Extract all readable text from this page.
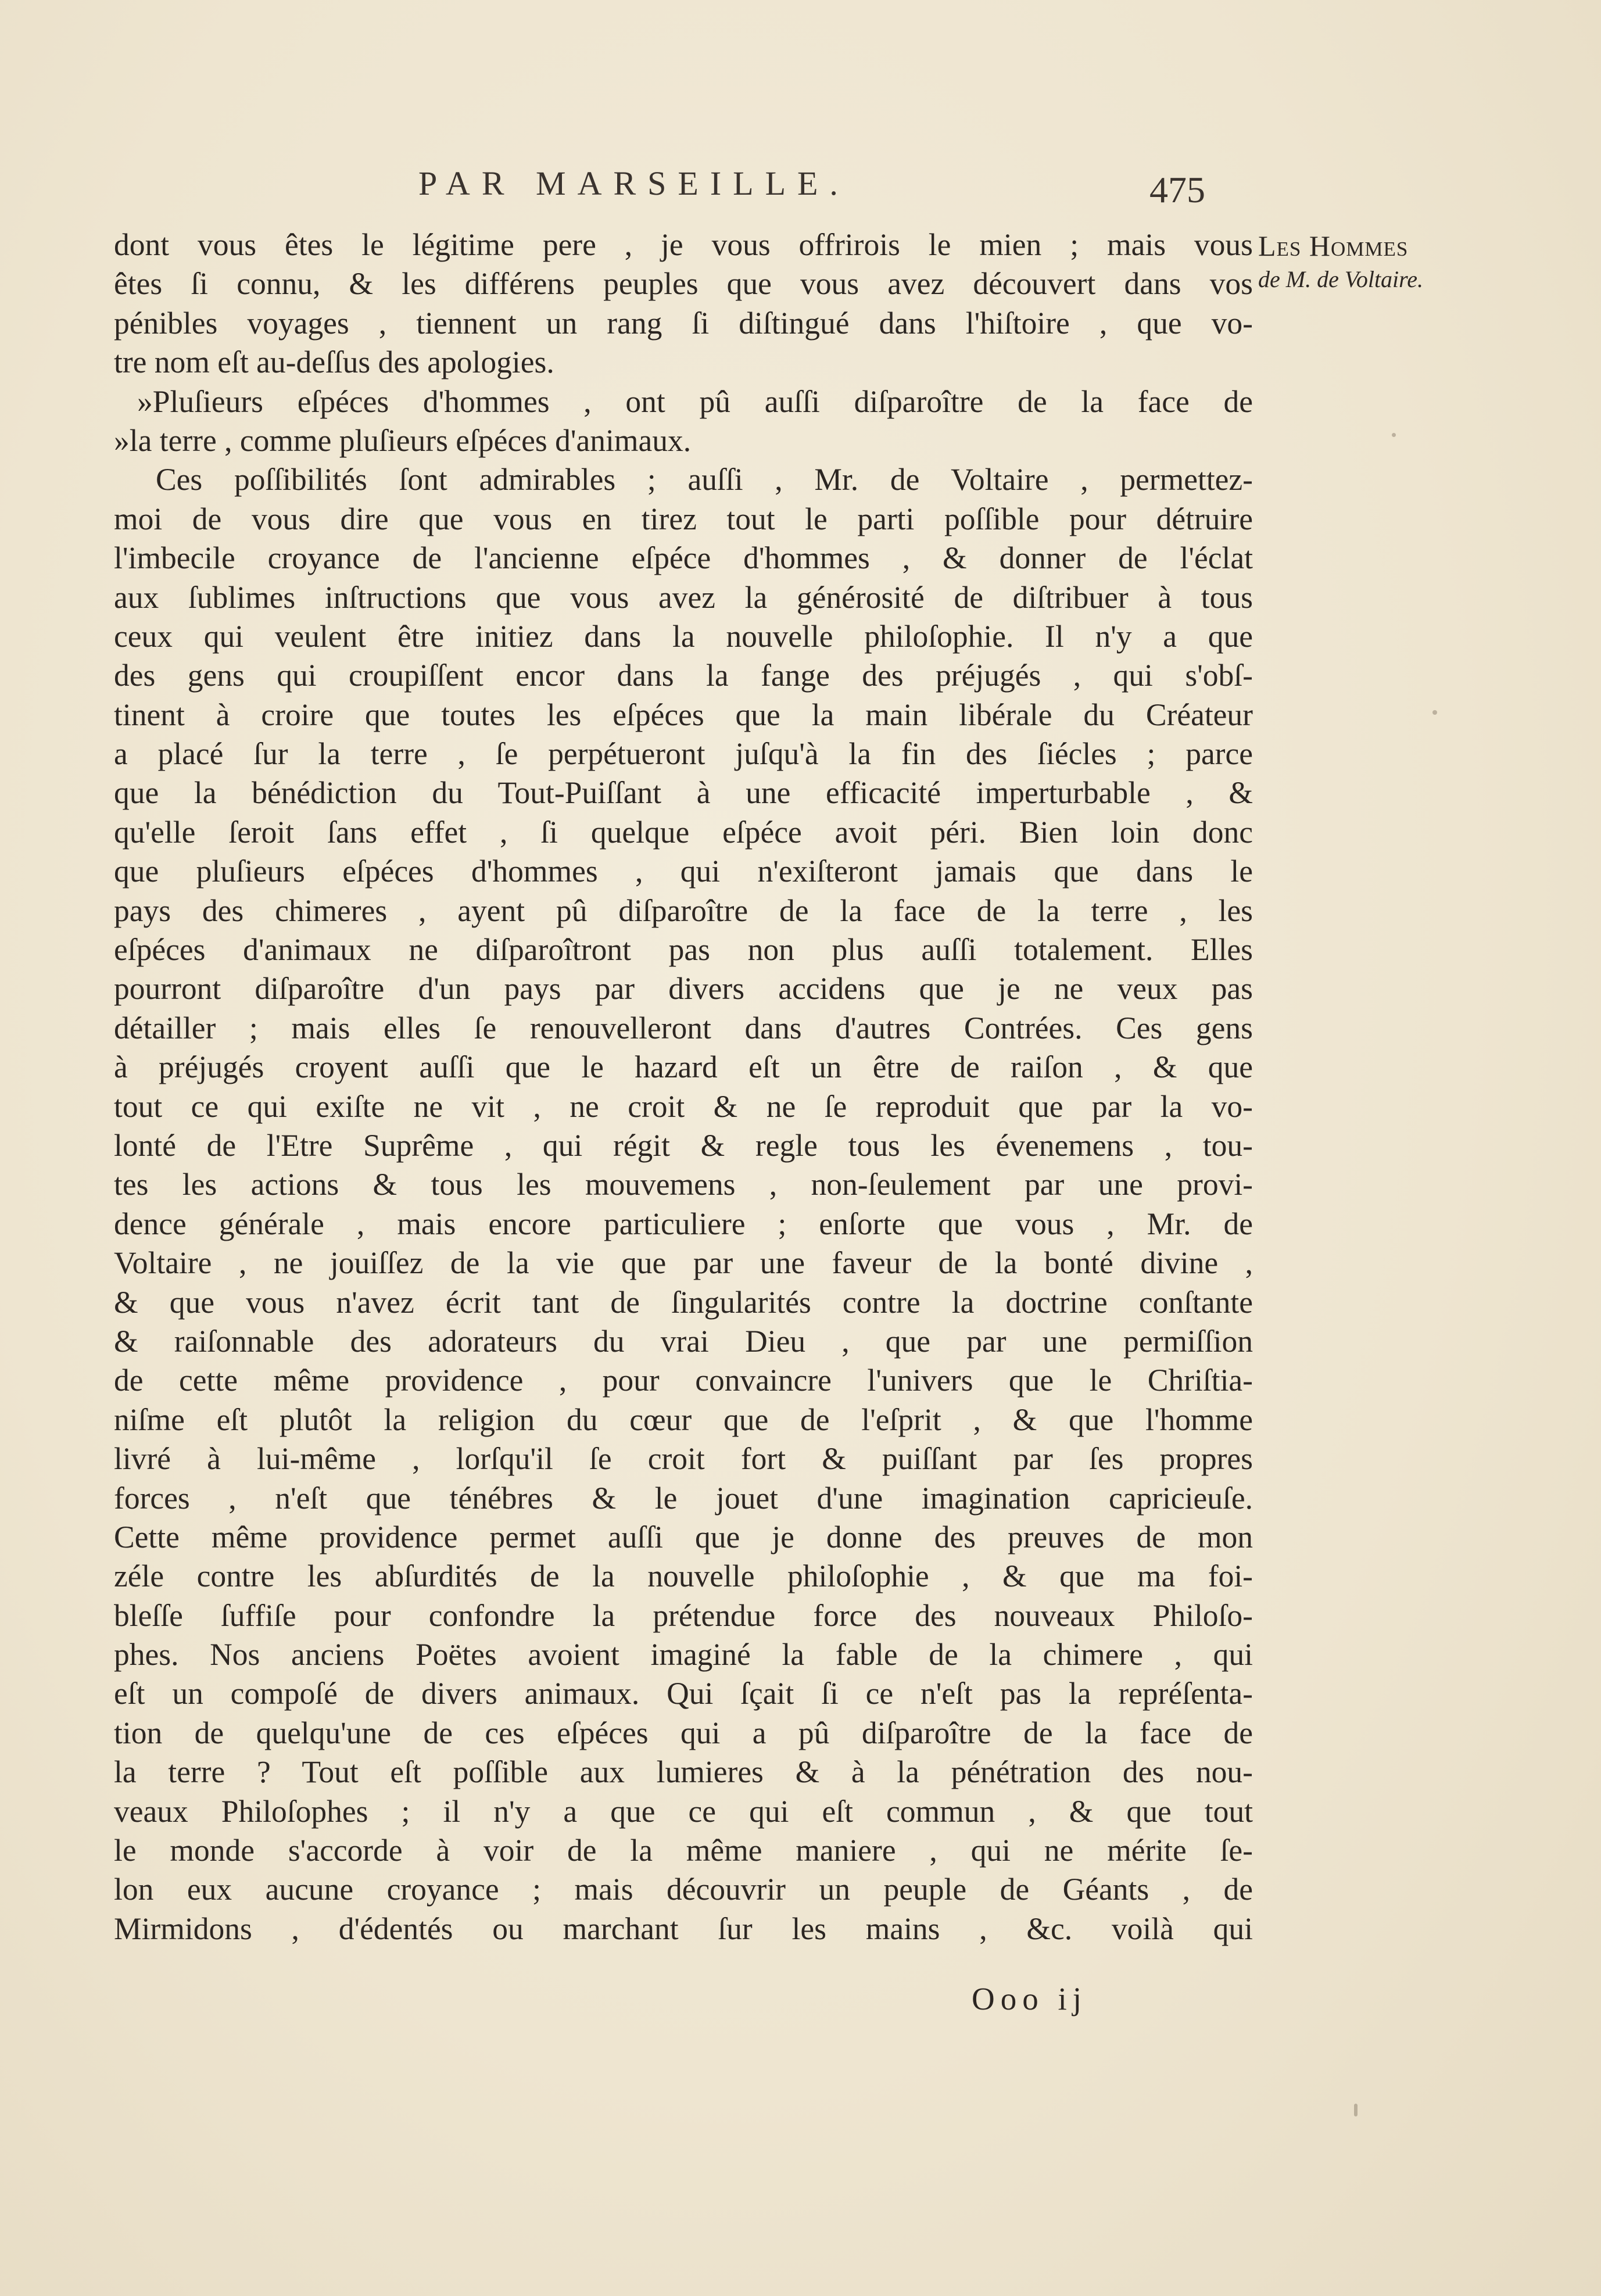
PAR MARSEILLE.	475
Les Hommes
de M. de Voltaire.
dont vous êtes le légitime pere , je vous offrirois le mien ; mais vous
êtes ſi connu, & les différens peuples que vous avez découvert dans vos
pénibles voyages , tiennent un rang ſi diſtingué dans l'hiſtoire , que vo-
tre nom eſt au-deſſus des apologies.
»Pluſieurs eſpéces d'hommes , ont pû auſſi diſparoître de la face de
»la terre , comme pluſieurs eſpéces d'animaux.
Ces poſſibilités ſont admirables ; auſſi , Mr. de Voltaire , permettez-
moi de vous dire que vous en tirez tout le parti poſſible pour détruire
l'imbecile croyance de l'ancienne eſpéce d'hommes , & donner de l'éclat
aux ſublimes inſtructions que vous avez la générosité de diſtribuer à tous
ceux qui veulent être initiez dans la nouvelle philoſophie. Il n'y a que
des gens qui croupiſſent encor dans la fange des préjugés , qui s'obſ-
tinent à croire que toutes les eſpéces que la main libérale du Créateur
a placé ſur la terre , ſe perpétueront juſqu'à la fin des ſiécles ; parce
que la bénédiction du Tout-Puiſſant à une efficacité imperturbable , &
qu'elle ſeroit ſans effet , ſi quelque eſpéce avoit péri. Bien loin donc
que pluſieurs eſpéces d'hommes , qui n'exiſteront jamais que dans le
pays des chimeres , ayent pû diſparoître de la face de la terre , les
eſpéces d'animaux ne diſparoîtront pas non plus auſſi totalement. Elles
pourront diſparoître d'un pays par divers accidens que je ne veux pas
détailler ; mais elles ſe renouvelleront dans d'autres Contrées. Ces gens
à préjugés croyent auſſi que le hazard eſt un être de raiſon , & que
tout ce qui exiſte ne vit , ne croit & ne ſe reproduit que par la vo-
lonté de l'Etre Suprême , qui régit & regle tous les évenemens , tou-
tes les actions & tous les mouvemens , non-ſeulement par une provi-
dence générale , mais encore particuliere ; enſorte que vous , Mr. de
Voltaire , ne jouiſſez de la vie que par une faveur de la bonté divine ,
& que vous n'avez écrit tant de ſingularités contre la doctrine conſtante
& raiſonnable des adorateurs du vrai Dieu , que par une permiſſion
de cette même providence , pour convaincre l'univers que le Chriſtia-
niſme eſt plutôt la religion du cœur que de l'eſprit , & que l'homme
livré à lui-même , lorſqu'il ſe croit fort & puiſſant par ſes propres
forces , n'eſt que ténébres & le jouet d'une imagination capricieuſe.
Cette même providence permet auſſi que je donne des preuves de mon
zéle contre les abſurdités de la nouvelle philoſophie , & que ma foi-
bleſſe ſuffiſe pour confondre la prétendue force des nouveaux Philoſo-
phes. Nos anciens Poëtes avoient imaginé la fable de la chimere , qui
eſt un compoſé de divers animaux. Qui ſçait ſi ce n'eſt pas la repréſenta-
tion de quelqu'une de ces eſpéces qui a pû diſparoître de la face de
la terre ? Tout eſt poſſible aux lumieres & à la pénétration des nou-
veaux Philoſophes ; il n'y a que ce qui eſt commun , & que tout
le monde s'accorde à voir de la même maniere , qui ne mérite ſe-
lon eux aucune croyance ; mais découvrir un peuple de Géants , de
Mirmidons , d'édentés ou marchant ſur les mains , &c. voilà qui
Ooo ij
